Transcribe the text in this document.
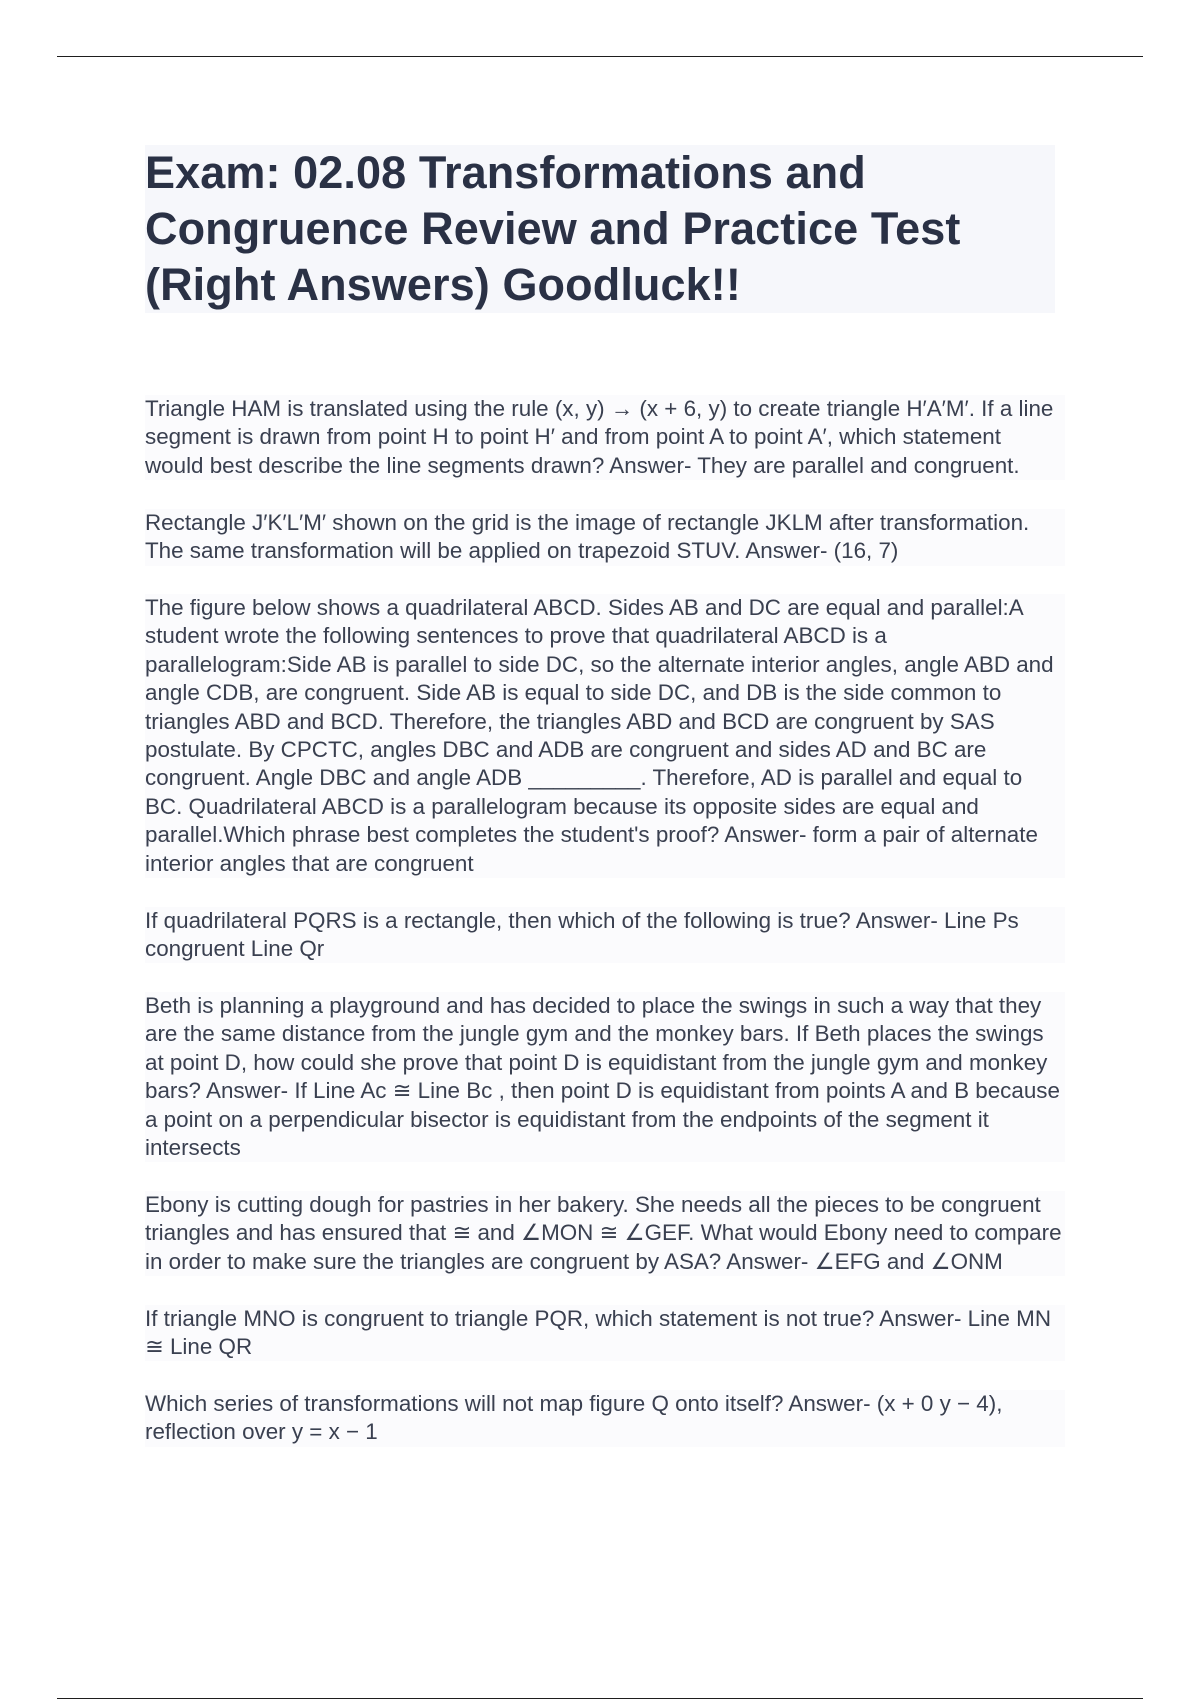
Exam: 02.08 Transformations and Congruence Review and Practice Test (Right Answers) Goodluck!!

Triangle HAM is translated using the rule (x, y) → (x + 6, y) to create triangle H′A′M′. If a line segment is drawn from point H to point H′ and from point A to point A′, which statement would best describe the line segments drawn? Answer- They are parallel and congruent.

Rectangle J′K′L′M′ shown on the grid is the image of rectangle JKLM after transformation. The same transformation will be applied on trapezoid STUV. Answer- (16, 7)

The figure below shows a quadrilateral ABCD. Sides AB and DC are equal and parallel:A student wrote the following sentences to prove that quadrilateral ABCD is a parallelogram:Side AB is parallel to side DC, so the alternate interior angles, angle ABD and angle CDB, are congruent. Side AB is equal to side DC, and DB is the side common to triangles ABD and BCD. Therefore, the triangles ABD and BCD are congruent by SAS postulate. By CPCTC, angles DBC and ADB are congruent and sides AD and BC are congruent. Angle DBC and angle ADB _________. Therefore, AD is parallel and equal to BC. Quadrilateral ABCD is a parallelogram because its opposite sides are equal and parallel.Which phrase best completes the student's proof? Answer- form a pair of alternate interior angles that are congruent

If quadrilateral PQRS is a rectangle, then which of the following is true? Answer- Line Ps congruent Line Qr

Beth is planning a playground and has decided to place the swings in such a way that they are the same distance from the jungle gym and the monkey bars. If Beth places the swings at point D, how could she prove that point D is equidistant from the jungle gym and monkey bars? Answer- If Line Ac ≅ Line Bc , then point D is equidistant from points A and B because a point on a perpendicular bisector is equidistant from the endpoints of the segment it intersects

Ebony is cutting dough for pastries in her bakery. She needs all the pieces to be congruent triangles and has ensured that ≅ and ∠MON ≅ ∠GEF. What would Ebony need to compare in order to make sure the triangles are congruent by ASA? Answer- ∠EFG and ∠ONM

If triangle MNO is congruent to triangle PQR, which statement is not true? Answer- Line MN ≅ Line QR

Which series of transformations will not map figure Q onto itself? Answer- (x + 0 y − 4), reflection over y = x − 1
